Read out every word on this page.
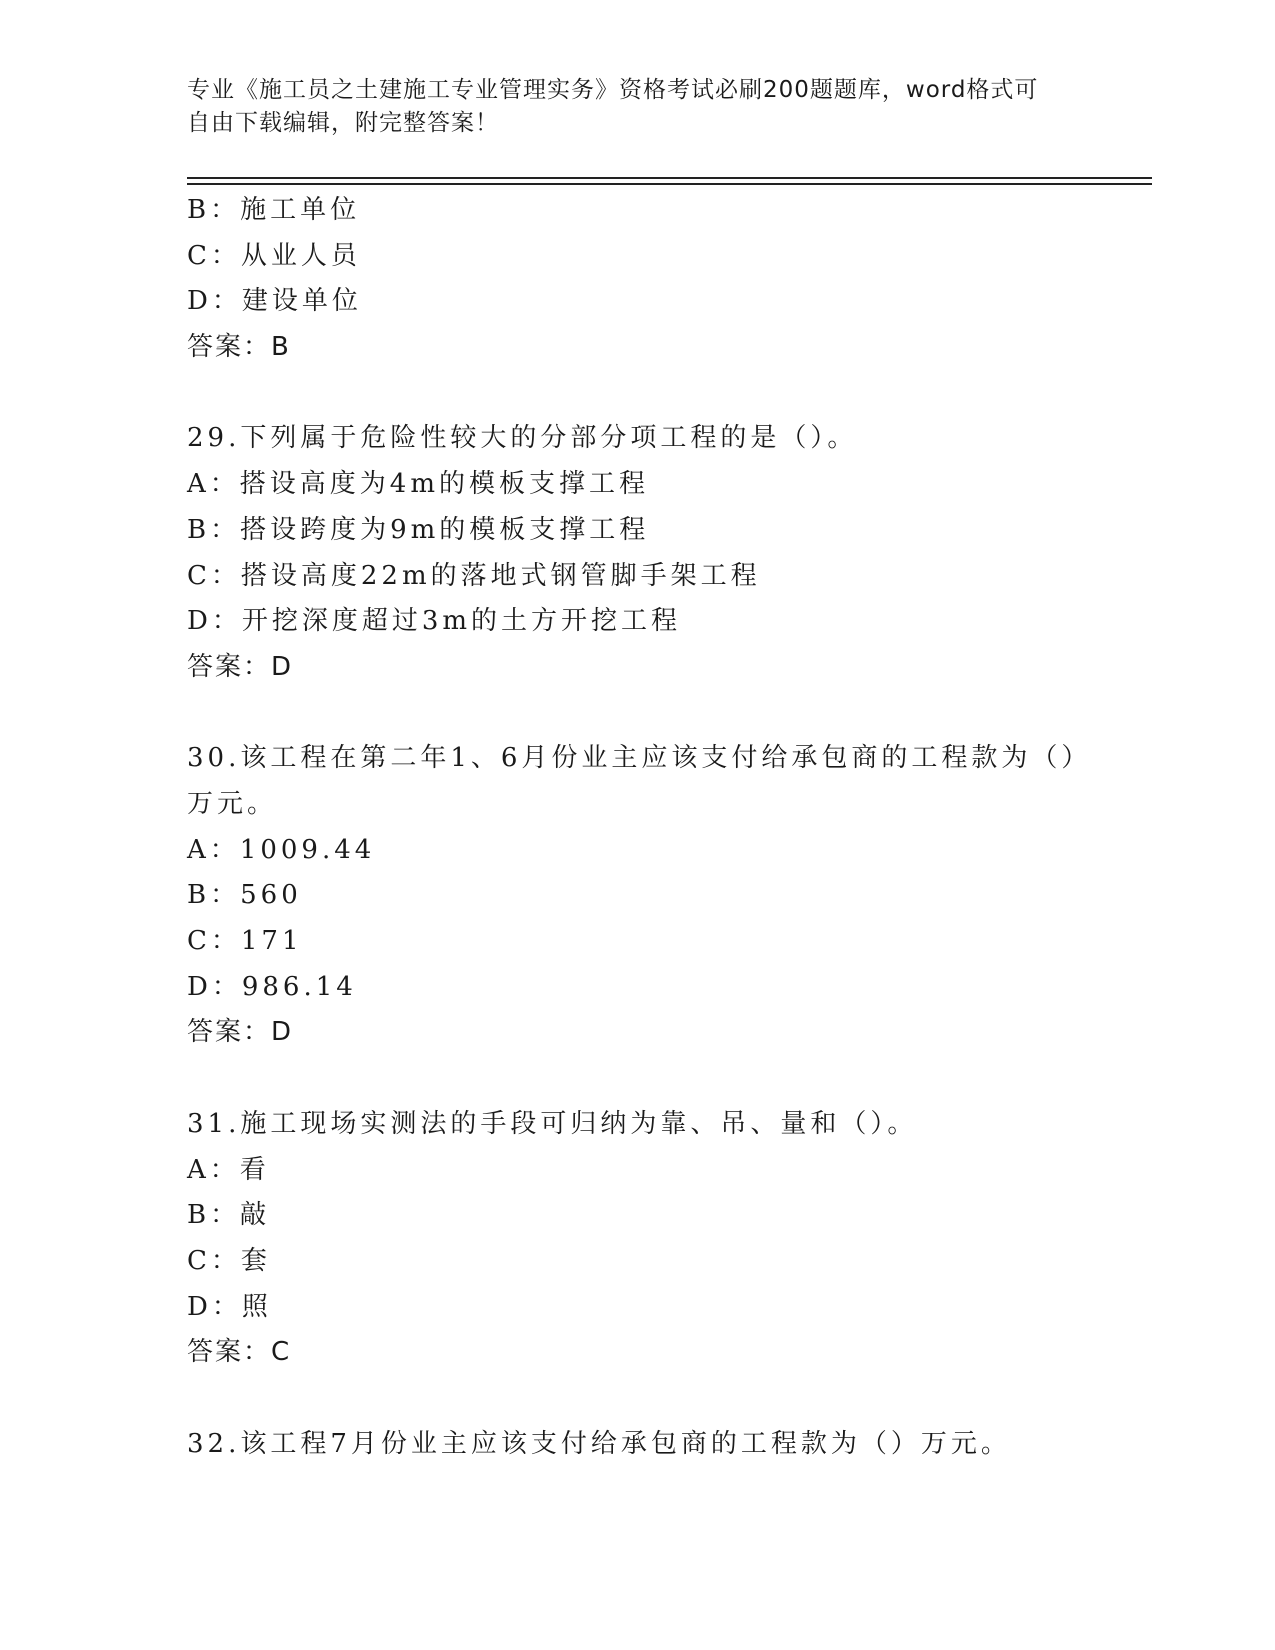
专业《施工员之土建施工专业管理实务》资格考试必刷200题题库，word格式可
自由下载编辑，附完整答案！
B：施工单位
C：从业人员
D：建设单位
答案：B
29.下列属于危险性较大的分部分项工程的是（）。
A：搭设高度为4m的模板支撑工程
B：搭设跨度为9m的模板支撑工程
C：搭设高度22m的落地式钢管脚手架工程
D：开挖深度超过3m的土方开挖工程
答案：D
30.该工程在第二年1、6月份业主应该支付给承包商的工程款为（）
万元。
A：1009.44
B：560
C：171
D：986.14
答案：D
31.施工现场实测法的手段可归纳为靠、吊、量和（）。
A：看
B：敲
C：套
D：照
答案：C
32.该工程7月份业主应该支付给承包商的工程款为（）万元。
